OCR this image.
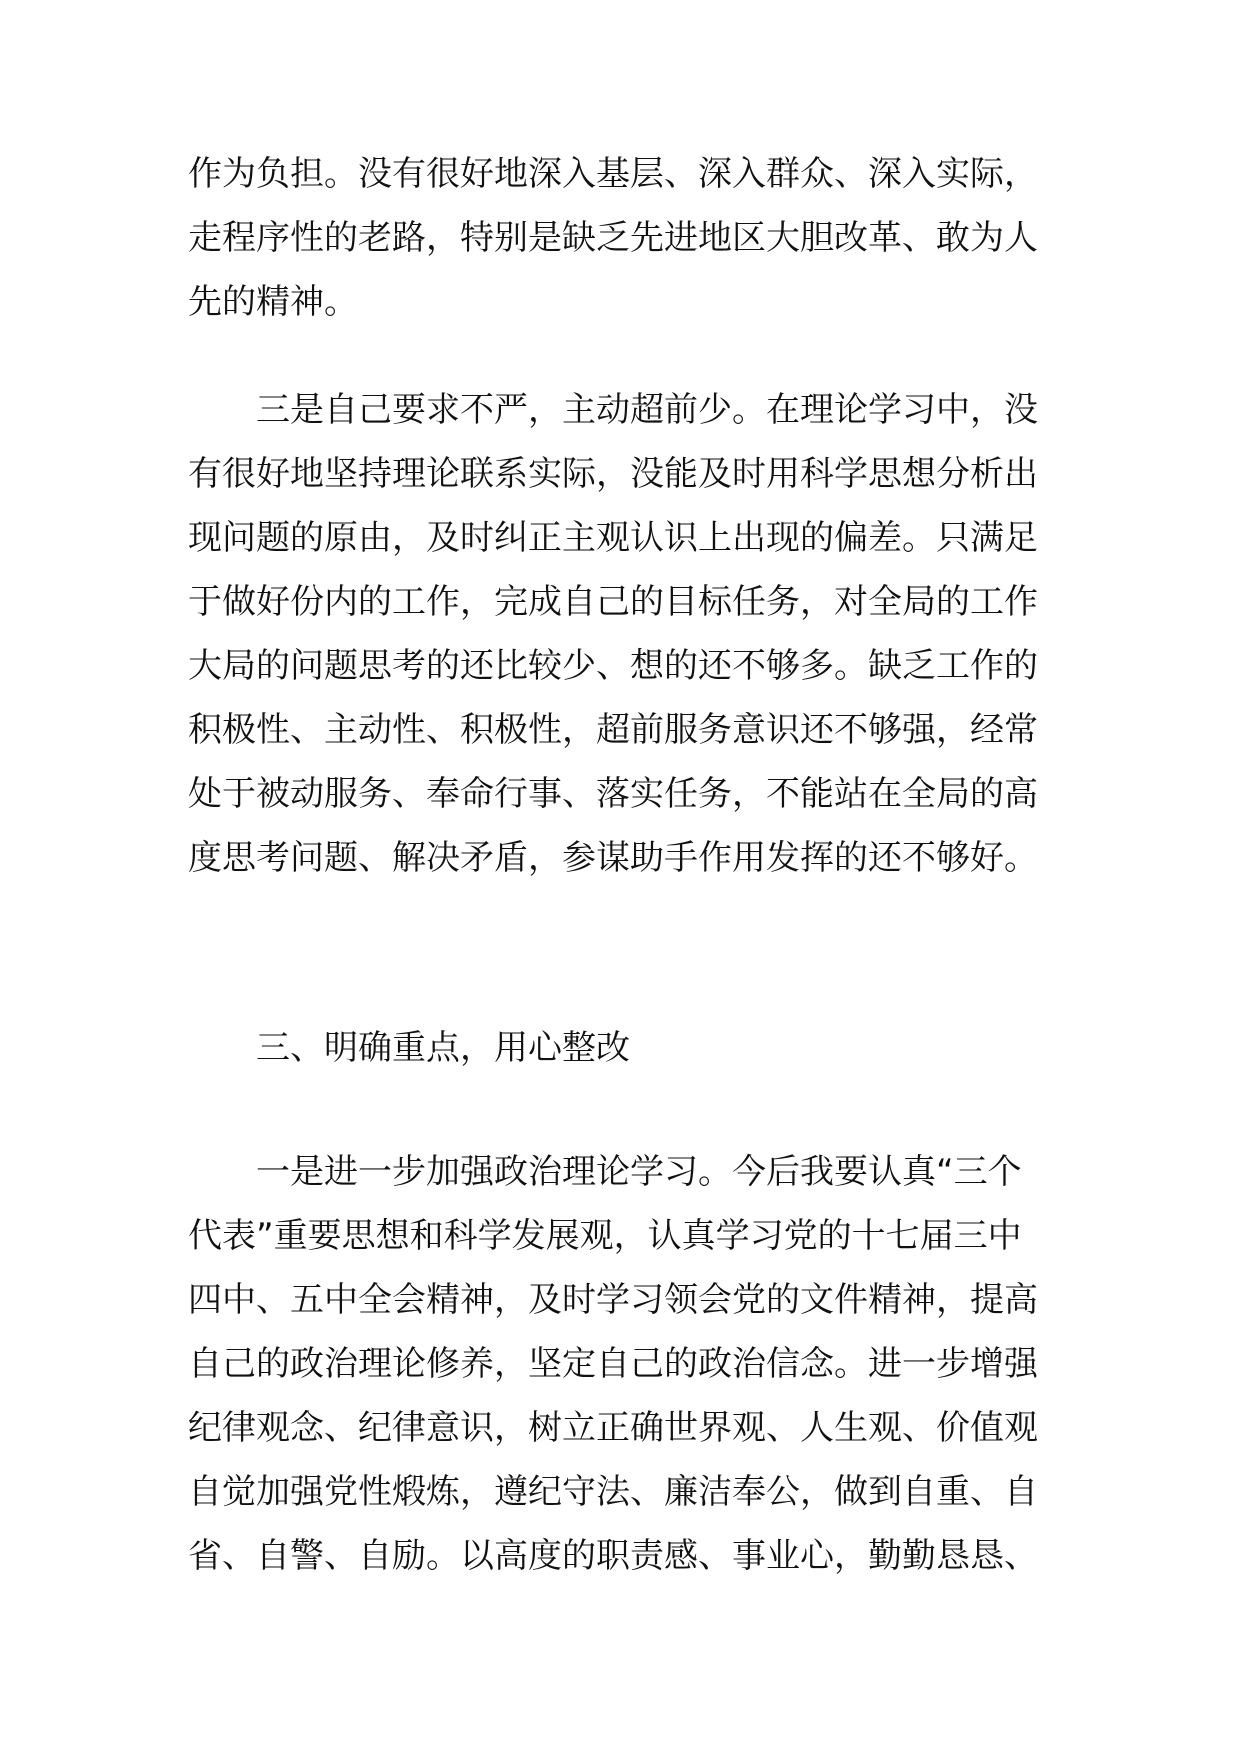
作为负担。没有很好地深入基层、深入群众、深入实际，
走程序性的老路，特别是缺乏先进地区大胆改革、敢为人
先的精神。

三是自己要求不严，主动超前少。在理论学习中，没
有很好地坚持理论联系实际，没能及时用科学思想分析出
现问题的原由，及时纠正主观认识上出现的偏差。只满足
于做好份内的工作，完成自己的目标任务，对全局的工作
大局的问题思考的还比较少、想的还不够多。缺乏工作的
积极性、主动性、积极性，超前服务意识还不够强，经常
处于被动服务、奉命行事、落实任务，不能站在全局的高
度思考问题、解决矛盾，参谋助手作用发挥的还不够好。

三、明确重点，用心整改

一是进一步加强政治理论学习。今后我要认真“三个
代表”重要思想和科学发展观，认真学习党的十七届三中
四中、五中全会精神，及时学习领会党的文件精神，提高
自己的政治理论修养，坚定自己的政治信念。进一步增强
纪律观念、纪律意识，树立正确世界观、人生观、价值观
自觉加强党性煅炼，遵纪守法、廉洁奉公，做到自重、自
省、自警、自励。以高度的职责感、事业心，勤勤恳恳、
